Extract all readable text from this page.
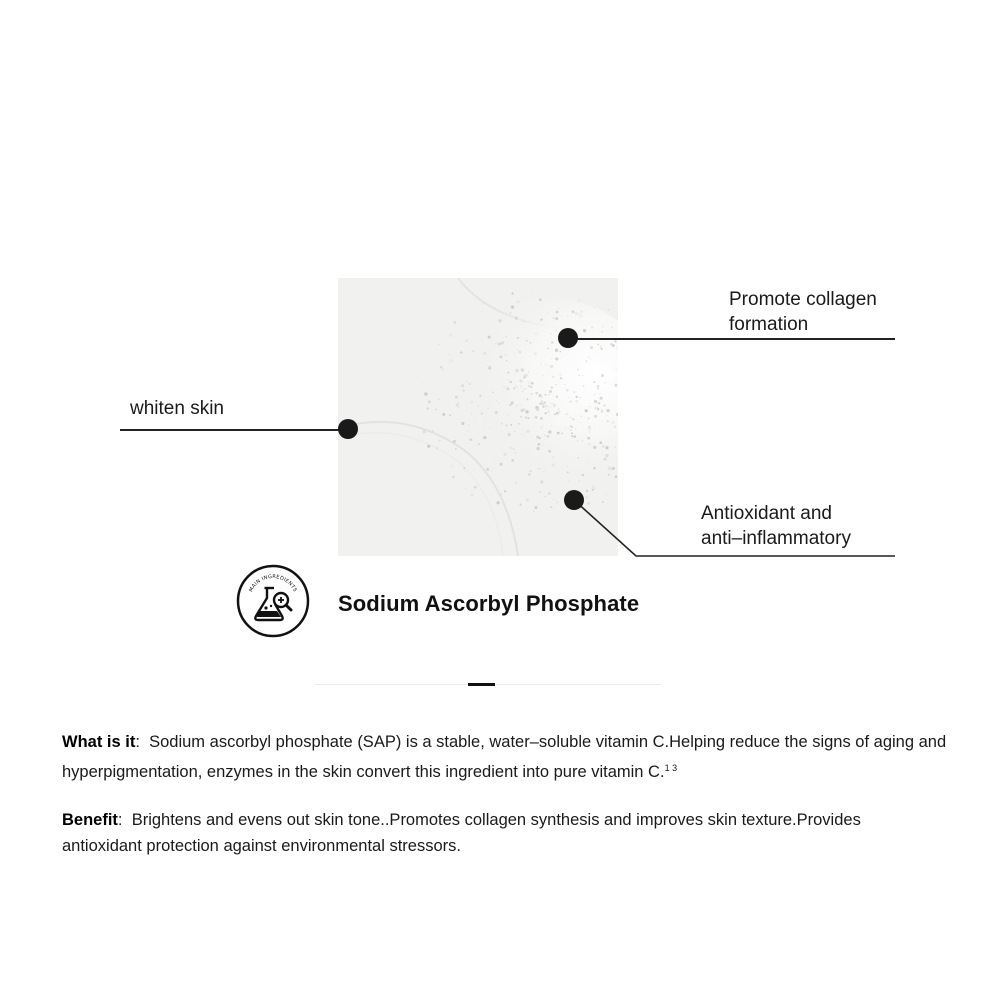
Promote collagen
formation
whiten skin
Antioxidant and
anti–inflammatory
MAIN INGREDIENTS
Sodium Ascorbyl Phosphate
What is it: Sodium ascorbyl phosphate (SAP) is a stable, water–soluble vitamin C.Helping reduce the signs of aging and hyperpigmentation, enzymes in the skin convert this ingredient into pure vitamin C.$^{1 3}$
Benefit: Brightens and evens out skin tone..Promotes collagen synthesis and improves skin texture.Provides antioxidant protection against environmental stressors.
